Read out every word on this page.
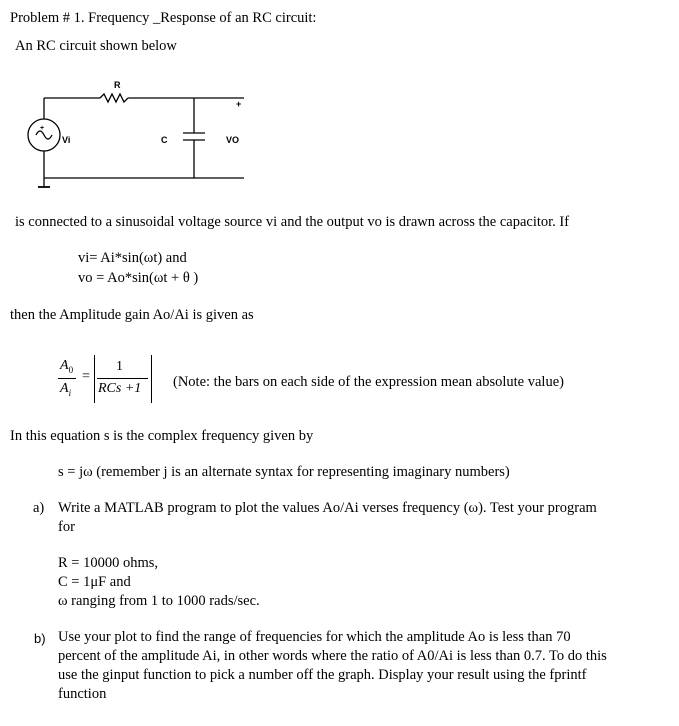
Problem # 1. Frequency _Response of an RC circuit:
An RC circuit shown below
R
+
Vi	C	VO
+
is connected to a sinusoidal voltage source vi and the output vo is drawn across the capacitor. If
vi= Ai*sin(ωt) and
vo = Ao*sin(ωt + θ )
then the Amplitude gain Ao/Ai is given as
$A_0$
$A_i$
=
1
RCs +1 (Note: the bars on each side of the expression mean absolute value)
In this equation s is the complex frequency given by
s = jω (remember j is an alternate syntax for representing imaginary numbers)
a) Write a MATLAB program to plot the values Ao/Ai verses frequency (ω). Test your program
for
R = 10000 ohms,
C = 1μF and
ω ranging from 1 to 1000 rads/sec.
b) Use your plot to find the range of frequencies for which the amplitude Ao is less than 70
percent of the amplitude Ai, in other words where the ratio of A0/Ai is less than 0.7. To do this
use the ginput function to pick a number off the graph. Display your result using the fprintf
function
